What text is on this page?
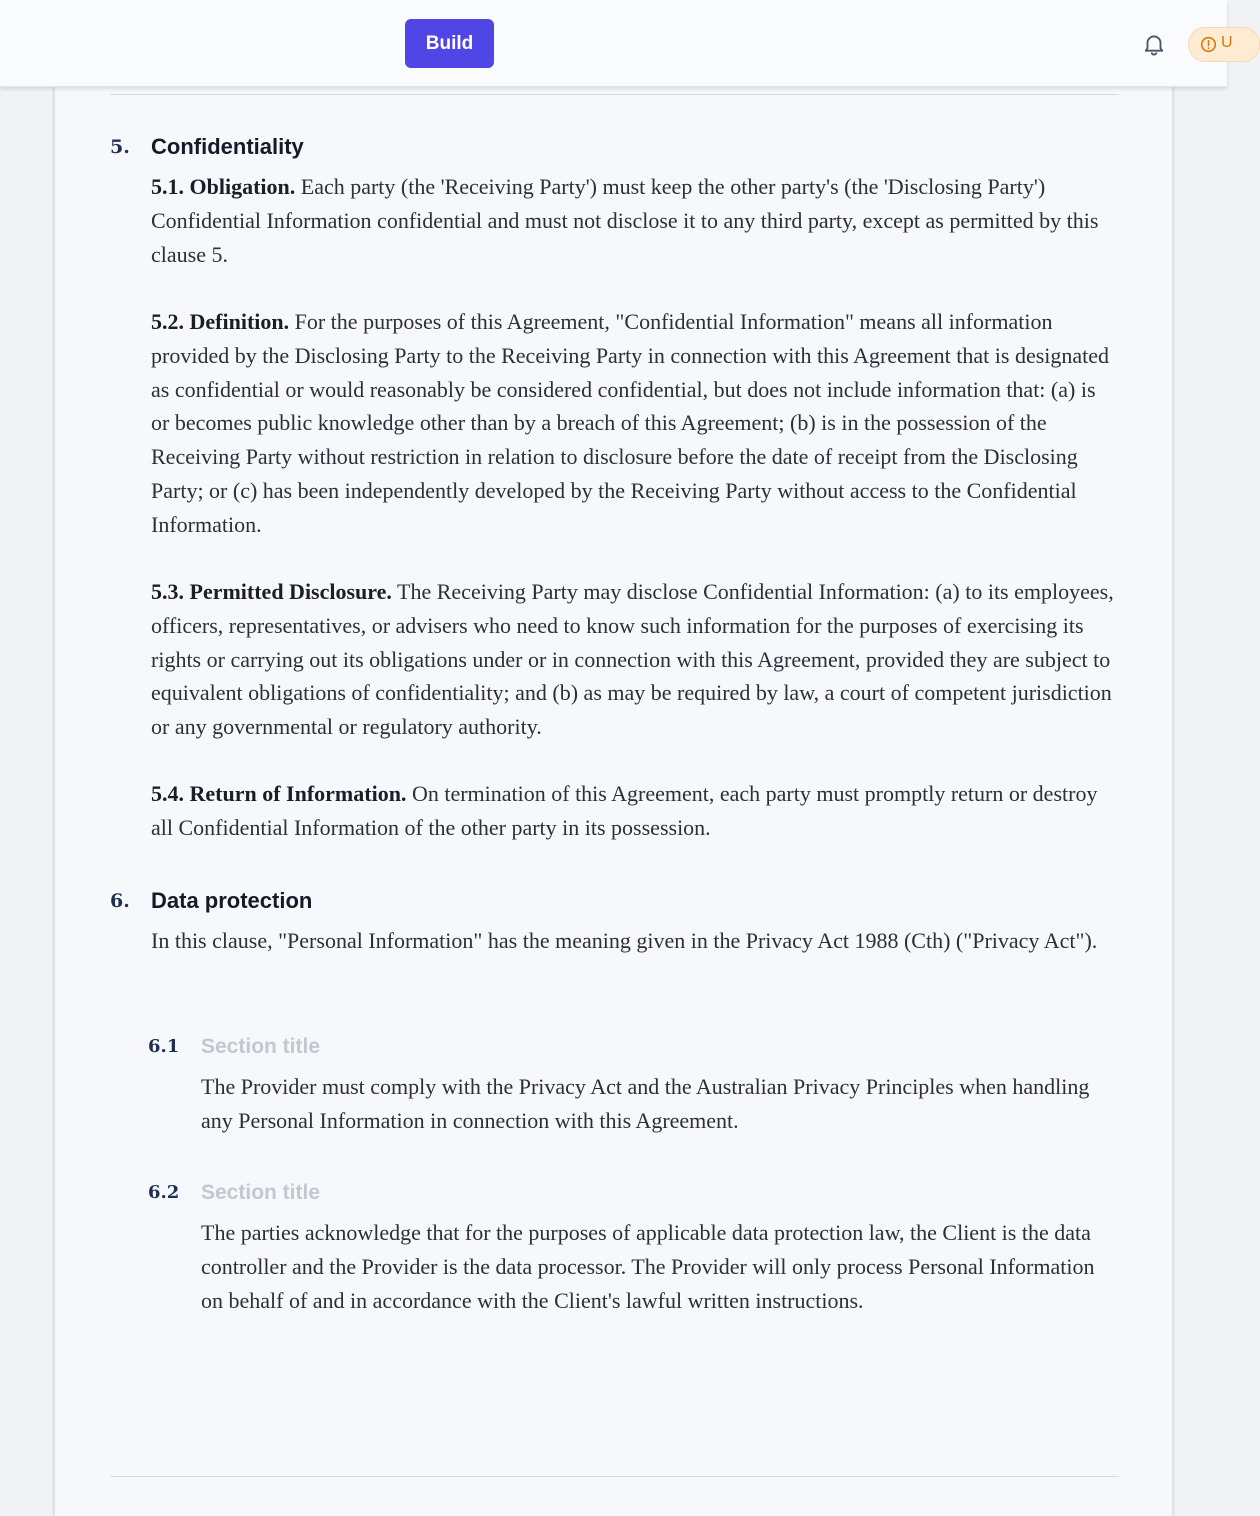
Build	U
5. Confidentiality

5.1. Obligation. Each party (the 'Receiving Party') must keep the other party's (the 'Disclosing Party') Confidential Information confidential and must not disclose it to any third party, except as permitted by this clause 5.

5.2. Definition. For the purposes of this Agreement, "Confidential Information" means all information provided by the Disclosing Party to the Receiving Party in connection with this Agreement that is designated as confidential or would reasonably be considered confidential, but does not include information that: (a) is or becomes public knowledge other than by a breach of this Agreement; (b) is in the possession of the Receiving Party without restriction in relation to disclosure before the date of receipt from the Disclosing Party; or (c) has been independently developed by the Receiving Party without access to the Confidential Information.

5.3. Permitted Disclosure. The Receiving Party may disclose Confidential Information: (a) to its employees, officers, representatives, or advisers who need to know such information for the purposes of exercising its rights or carrying out its obligations under or in connection with this Agreement, provided they are subject to equivalent obligations of confidentiality; and (b) as may be required by law, a court of competent jurisdiction or any governmental or regulatory authority.

5.4. Return of Information. On termination of this Agreement, each party must promptly return or destroy all Confidential Information of the other party in its possession.

6. Data protection

In this clause, "Personal Information" has the meaning given in the Privacy Act 1988 (Cth) ("Privacy Act").

6.1 Section title

The Provider must comply with the Privacy Act and the Australian Privacy Principles when handling any Personal Information in connection with this Agreement.

6.2 Section title

The parties acknowledge that for the purposes of applicable data protection law, the Client is the data controller and the Provider is the data processor. The Provider will only process Personal Information on behalf of and in accordance with the Client's lawful written instructions.
